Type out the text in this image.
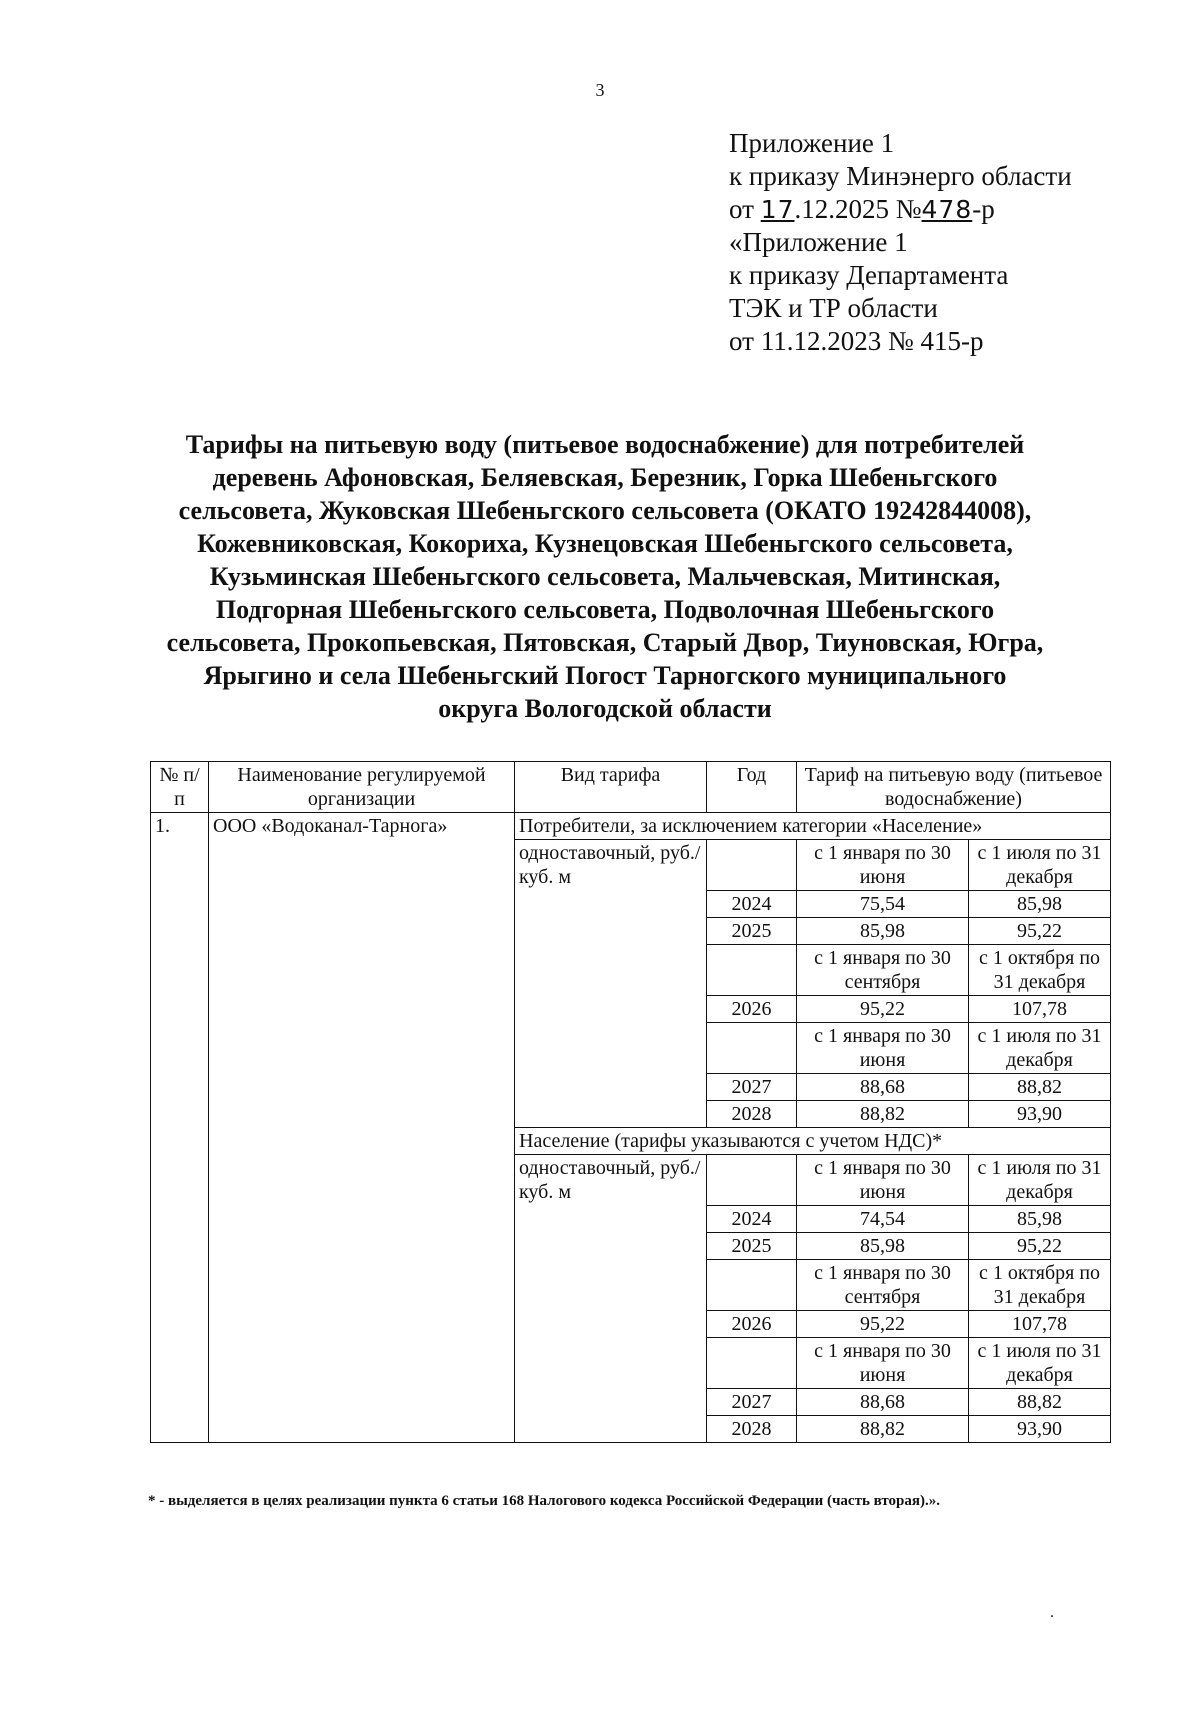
3
Приложение 1
к приказу Минэнерго области
от 17.12.2025 №478-р
«Приложение 1
к приказу Департамента
ТЭК и ТР области
от 11.12.2023 № 415-р
Тарифы на питьевую воду (питьевое водоснабжение) для потребителей
деревень Афоновская, Беляевская, Березник, Горка Шебеньгского
сельсовета, Жуковская Шебеньгского сельсовета (ОКАТО 19242844008),
Кожевниковская, Кокориха, Кузнецовская Шебеньгского сельсовета,
Кузьминская Шебеньгского сельсовета, Мальчевская, Митинская,
Подгорная Шебеньгского сельсовета, Подволочная Шебеньгского
сельсовета, Прокопьевская, Пятовская, Старый Двор, Тиуновская, Югра,
Ярыгино и села Шебеньгский Погост Тарногского муниципального
округа Вологодской области
№ п/п	Наименование регулируемой организации	Вид тарифа	Год	Тариф на питьевую воду (питьевое водоснабжение)	
1.	ООО «Водоканал-Тарнога»	Потребители, за исключением категории «Население»			
		одноставочный, руб./куб. м		с 1 января по 30 июня	с 1 июля по 31 декабря
			2024	75,54	85,98
			2025	85,98	95,22
				с 1 января по 30 сентября	с 1 октября по 31 декабря
			2026	95,22	107,78
				с 1 января по 30 июня	с 1 июля по 31 декабря
			2027	88,68	88,82
			2028	88,82	93,90
		Население (тарифы указываются с учетом НДС)*			
		одноставочный, руб./куб. м		с 1 января по 30 июня	с 1 июля по 31 декабря
			2024	74,54	85,98
			2025	85,98	95,22
				с 1 января по 30 сентября	с 1 октября по 31 декабря
			2026	95,22	107,78
				с 1 января по 30 июня	с 1 июля по 31 декабря
			2027	88,68	88,82
			2028	88,82	93,90
* - выделяется в целях реализации пункта 6 статьи 168 Налогового кодекса Российской Федерации (часть вторая).».
.
